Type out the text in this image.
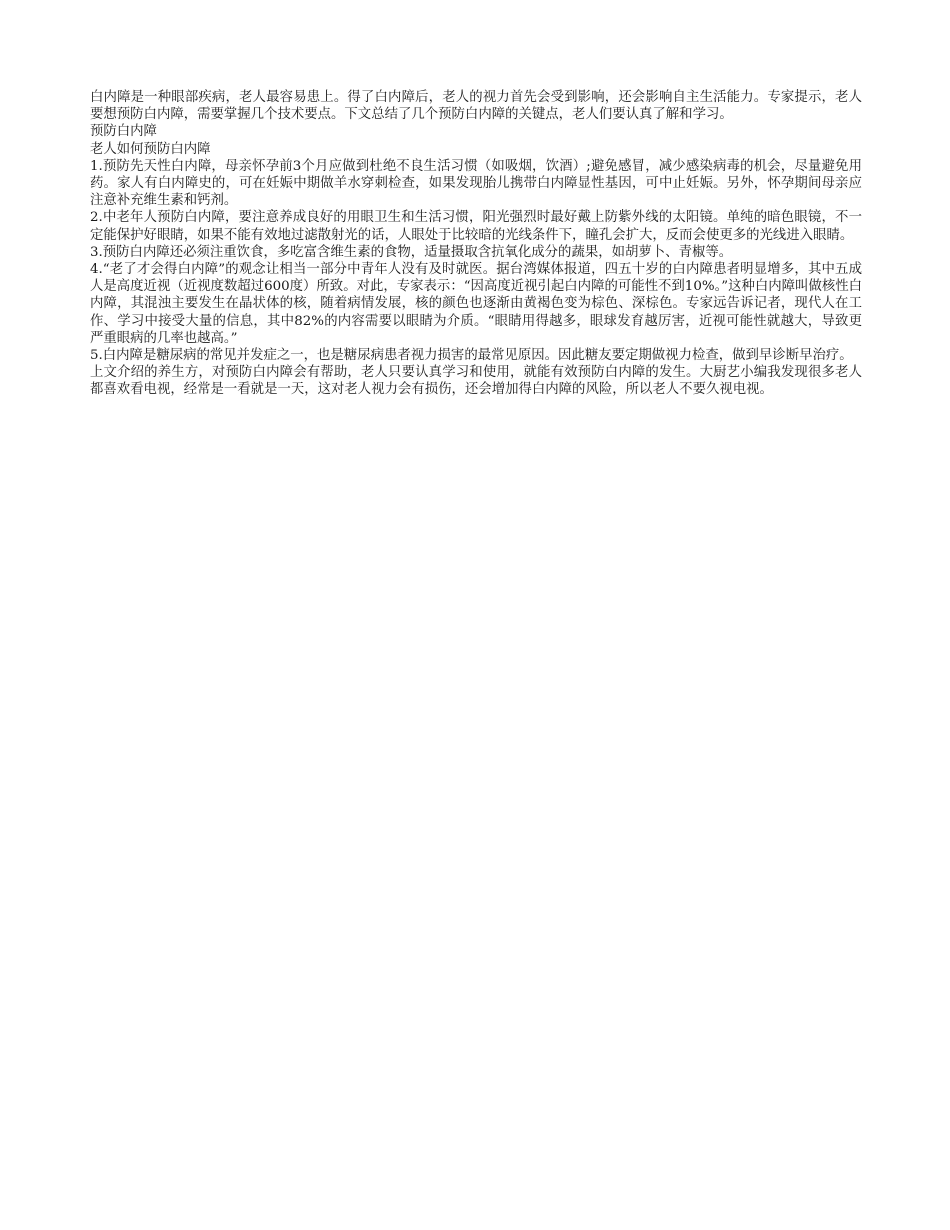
白内障是一种眼部疾病，老人最容易患上。得了白内障后，老人的视力首先会受到影响，还会影响自主生活能力。专家提示，老人要想预防白内障，需要掌握几个技术要点。下文总结了几个预防白内障的关键点，老人们要认真了解和学习。

预防白内障

老人如何预防白内障

1.预防先天性白内障，母亲怀孕前3个月应做到杜绝不良生活习惯（如吸烟，饮酒）;避免感冒，减少感染病毒的机会，尽量避免用药。家人有白内障史的，可在妊娠中期做羊水穿刺检查，如果发现胎儿携带白内障显性基因，可中止妊娠。另外，怀孕期间母亲应注意补充维生素和钙剂。

2.中老年人预防白内障，要注意养成良好的用眼卫生和生活习惯，阳光强烈时最好戴上防紫外线的太阳镜。单纯的暗色眼镜，不一定能保护好眼睛，如果不能有效地过滤散射光的话，人眼处于比较暗的光线条件下，瞳孔会扩大，反而会使更多的光线进入眼睛。

3.预防白内障还必须注重饮食，多吃富含维生素的食物，适量摄取含抗氧化成分的蔬果，如胡萝卜、青椒等。

4.“老了才会得白内障”的观念让相当一部分中青年人没有及时就医。据台湾媒体报道，四五十岁的白内障患者明显增多，其中五成人是高度近视（近视度数超过600度）所致。对此，专家表示：“因高度近视引起白内障的可能性不到10%。”这种白内障叫做核性白内障，其混浊主要发生在晶状体的核，随着病情发展，核的颜色也逐渐由黄褐色变为棕色、深棕色。专家远告诉记者，现代人在工作、学习中接受大量的信息，其中82%的内容需要以眼睛为介质。“眼睛用得越多，眼球发育越厉害，近视可能性就越大，导致更严重眼病的几率也越高。”

5.白内障是糖尿病的常见并发症之一，也是糖尿病患者视力损害的最常见原因。因此糖友要定期做视力检查，做到早诊断早治疗。

上文介绍的养生方，对预防白内障会有帮助，老人只要认真学习和使用，就能有效预防白内障的发生。大厨艺小编我发现很多老人都喜欢看电视，经常是一看就是一天，这对老人视力会有损伤，还会增加得白内障的风险，所以老人不要久视电视。
